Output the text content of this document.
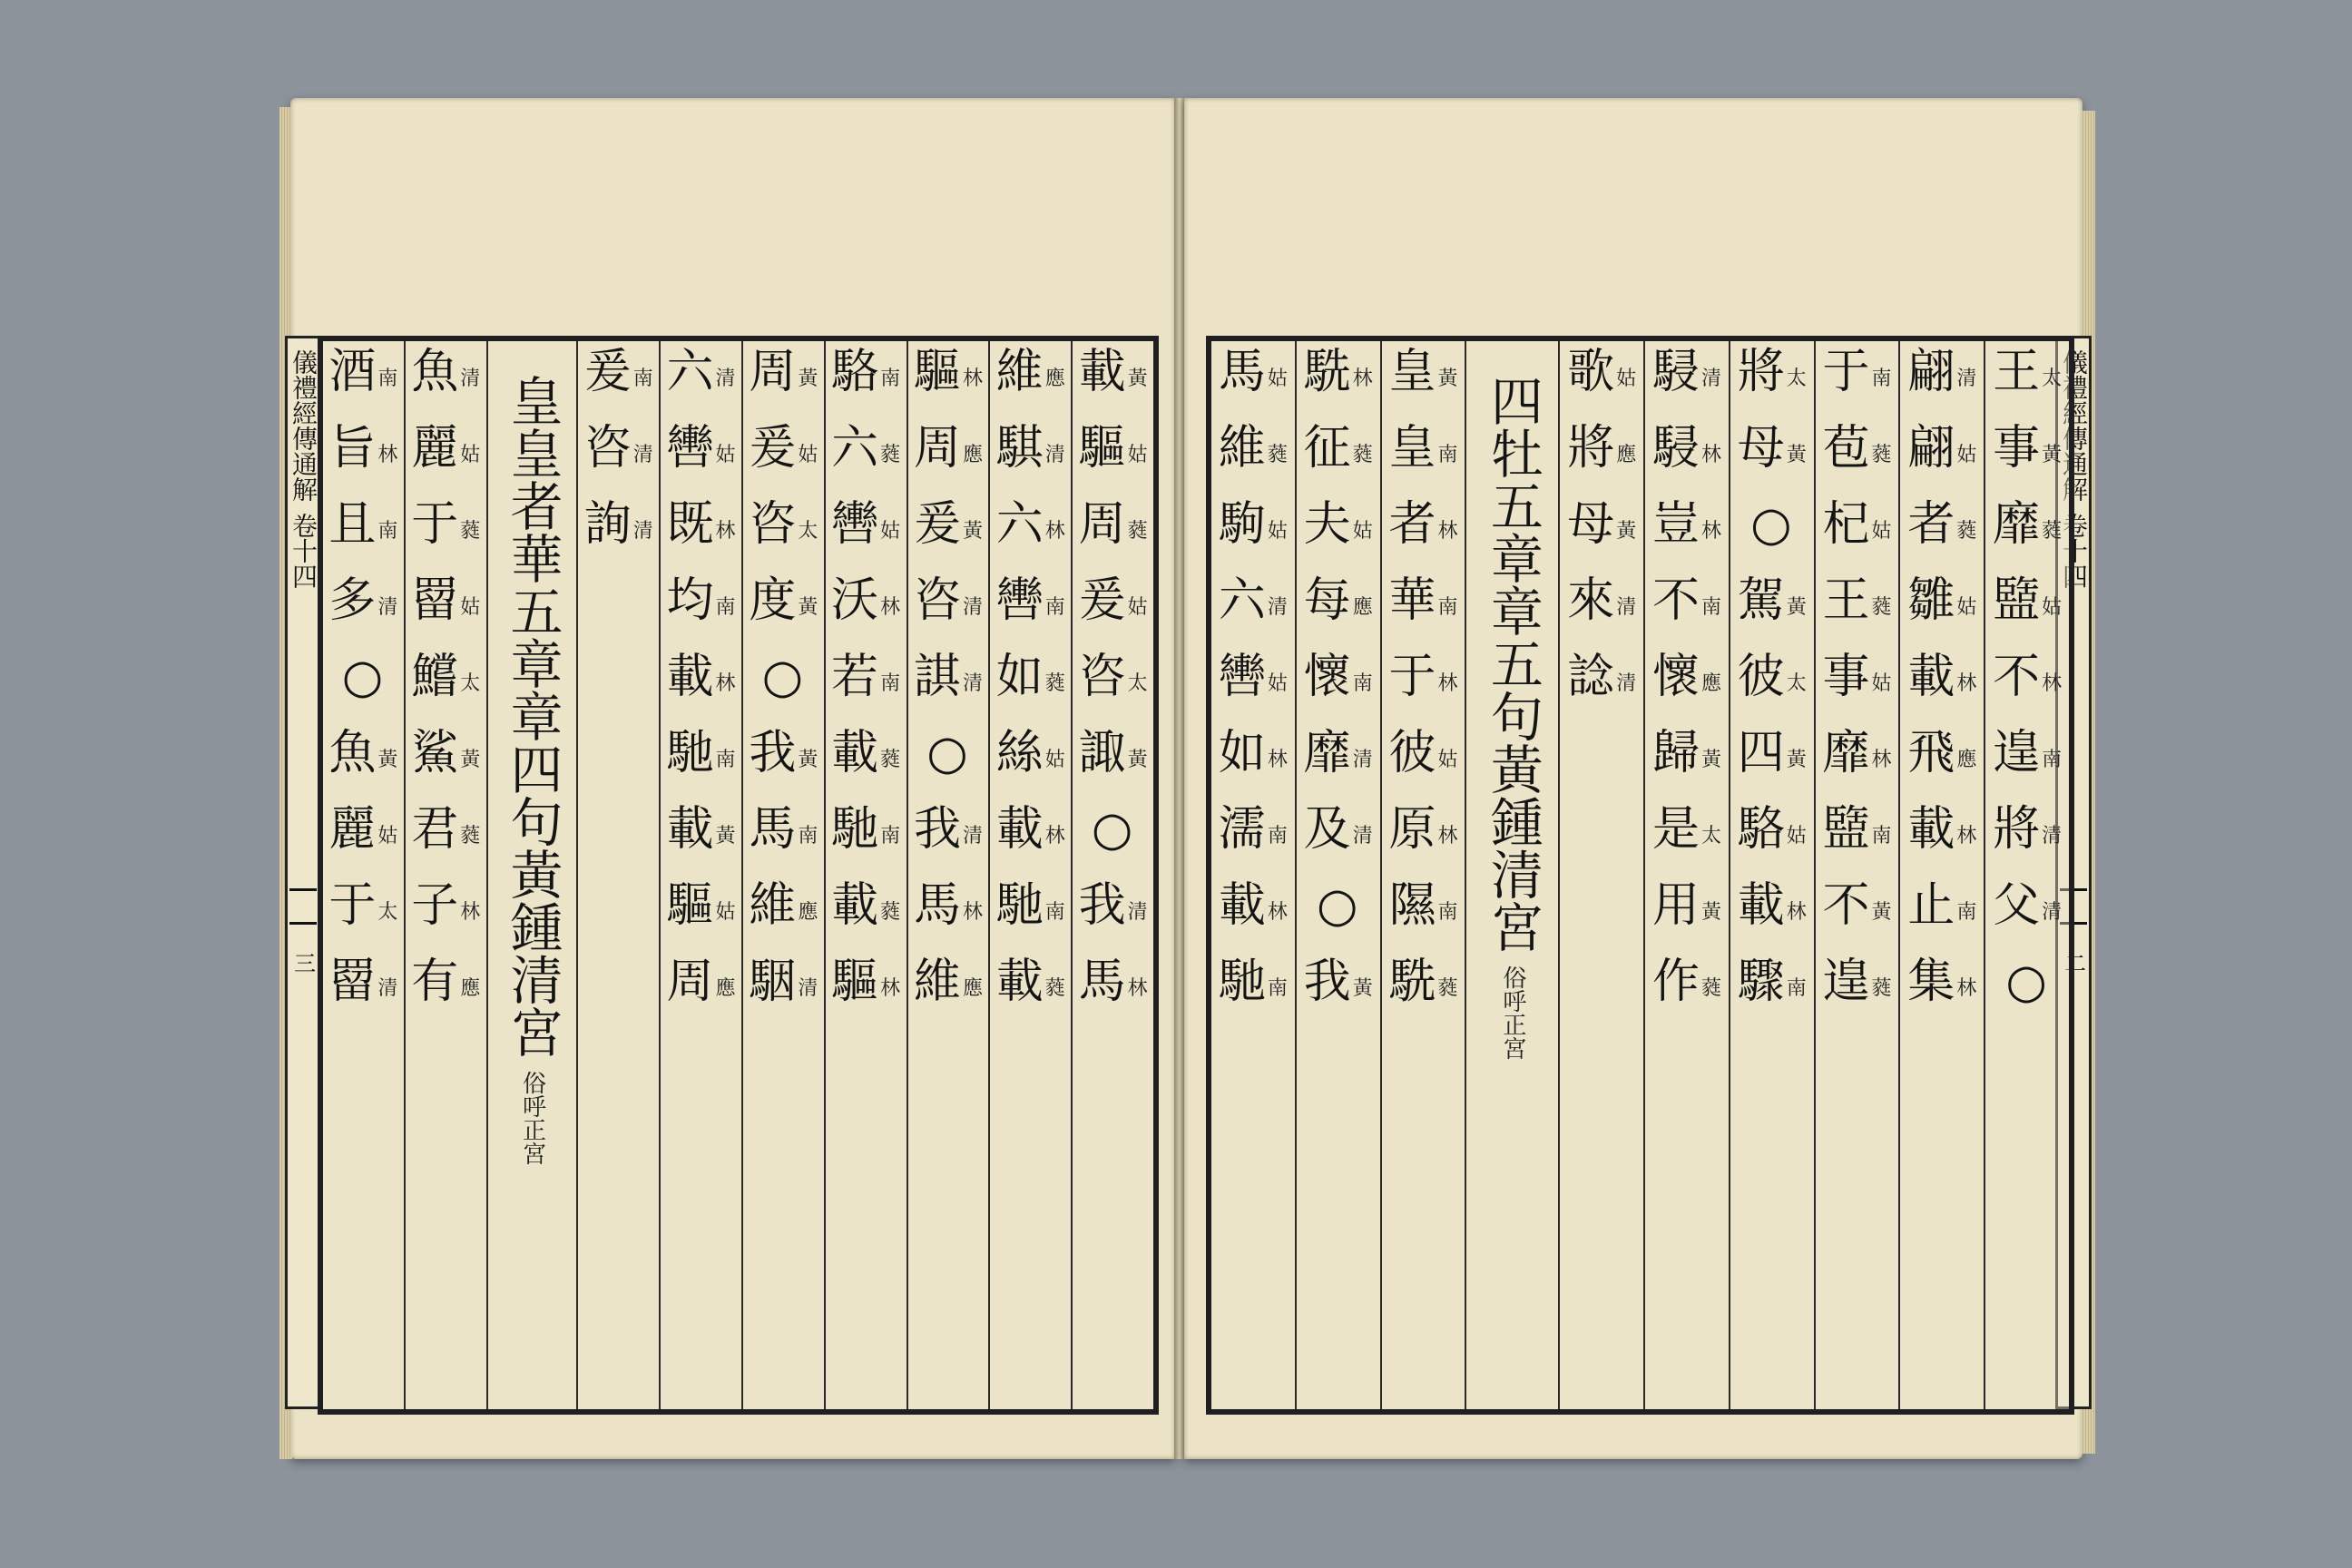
儀禮經傳通解
卷十四
三
載 黃
驅 姑
周 蕤
爰 姑
咨 太
諏 黃
○
我 清
馬 林
維 應
騏 清
六 林
轡 南
如 蕤
絲 姑
載 林
馳 南
載 蕤
驅 林
周 應
爰 黃
咨 清
諆 清
○
我 清
馬 林
維 應
駱 南
六 蕤
轡 姑
沃 林
若 南
載 蕤
馳 南
載 蕤
驅 林
周 黃
爰 姑
咨 太
度 黃
○
我 黃
馬 南
維 應
駰 清
六 清
轡 姑
既 林
均 南
載 林
馳 南
載 黃
驅 姑
周 應
爰 南
咨 清
詢 清
皇皇者華五章章四句黃鍾清宮
俗呼正宮
魚 清
麗 姑
于 蕤
罶 姑
鱨 太
鯊 黃
君 蕤
子 林
有 應
酒 南
旨 林
且 南
多 清
○
魚 黃
麗 姑
于 太
罶 清
儀禮經傳通解
卷十四
二
王 太
事 黃
靡 蕤
盬 姑
不 林
遑 南
將 清
父 清
○
翩 清
翩 姑
者 蕤
雛 姑
載 林
飛 應
載 林
止 南
集 林
于 南
苞 蕤
杞 姑
王 蕤
事 姑
靡 林
盬 南
不 黃
遑 蕤
將 太
母 黃
○
駕 黃
彼 太
四 黃
駱 姑
載 林
驟 南
駸 清
駸 林
豈 林
不 南
懷 應
歸 黃
是 太
用 黃
作 蕤
歌 姑
將 應
母 黃
來 清
諗 清
四牡五章章五句黃鍾清宮
俗呼正宮
皇 黃
皇 南
者 林
華 南
于 林
彼 姑
原 林
隰 南
駪 蕤
駪 林
征 蕤
夫 姑
每 應
懷 南
靡 清
及 清
○
我 黃
馬 姑
維 蕤
駒 姑
六 清
轡 姑
如 林
濡 南
載 林
馳 南
